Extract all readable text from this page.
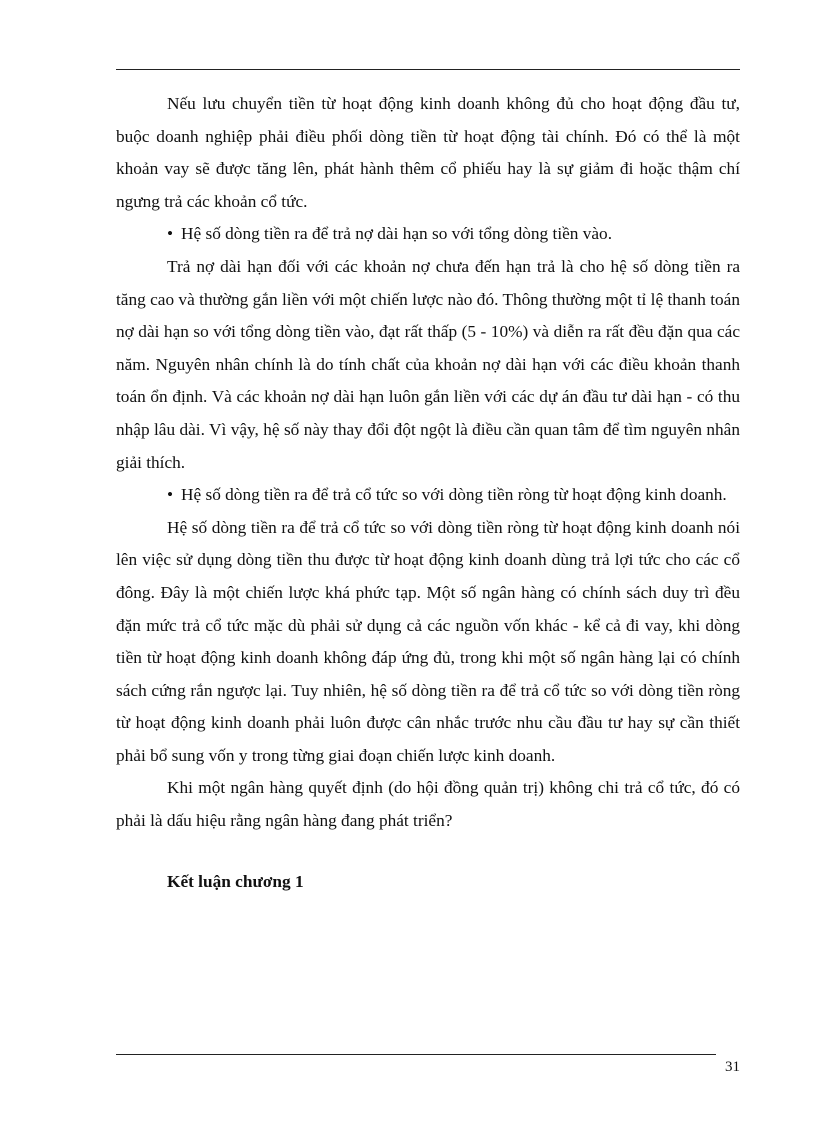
Nếu lưu chuyển tiền từ hoạt động kinh doanh không đủ cho hoạt động đầu tư, buộc doanh nghiệp phải điều phối dòng tiền từ hoạt động tài chính. Đó có thể là một khoản vay sẽ được tăng lên, phát hành thêm cổ phiếu hay là sự giảm đi hoặc thậm chí ngưng trả các khoản cổ tức.

• Hệ số dòng tiền ra để trả nợ dài hạn so với tổng dòng tiền vào.

Trả nợ dài hạn đối với các khoản nợ chưa đến hạn trả là cho hệ số dòng tiền ra tăng cao và thường gắn liền với một chiến lược nào đó. Thông thường một tỉ lệ thanh toán nợ dài hạn so với tổng dòng tiền vào, đạt rất thấp (5 - 10%) và diễn ra rất đều đặn qua các năm. Nguyên nhân chính là do tính chất của khoản nợ dài hạn với các điều khoản thanh toán ổn định. Và các khoản nợ dài hạn luôn gắn liền với các dự án đầu tư dài hạn - có thu nhập lâu dài. Vì vậy, hệ số này thay đổi đột ngột là điều cần quan tâm để tìm nguyên nhân giải thích.

• Hệ số dòng tiền ra để trả cổ tức so với dòng tiền ròng từ hoạt động kinh doanh.

Hệ số dòng tiền ra để trả cổ tức so với dòng tiền ròng từ hoạt động kinh doanh nói lên việc sử dụng dòng tiền thu được từ hoạt động kinh doanh dùng trả lợi tức cho các cổ đông. Đây là một chiến lược khá phức tạp. Một số ngân hàng có chính sách duy trì đều đặn mức trả cổ tức mặc dù phải sử dụng cả các nguồn vốn khác - kể cả đi vay, khi dòng tiền từ hoạt động kinh doanh không đáp ứng đủ, trong khi một số ngân hàng lại có chính sách cứng rắn ngược lại. Tuy nhiên, hệ số dòng tiền ra để trả cổ tức so với dòng tiền ròng từ hoạt động kinh doanh phải luôn được cân nhắc trước nhu cầu đầu tư hay sự cần thiết phải bổ sung vốn y trong từng giai đoạn chiến lược kinh doanh.

Khi một ngân hàng quyết định (do hội đồng quản trị) không chi trả cổ tức, đó có phải là dấu hiệu rằng ngân hàng đang phát triển?

Kết luận chương 1

31
